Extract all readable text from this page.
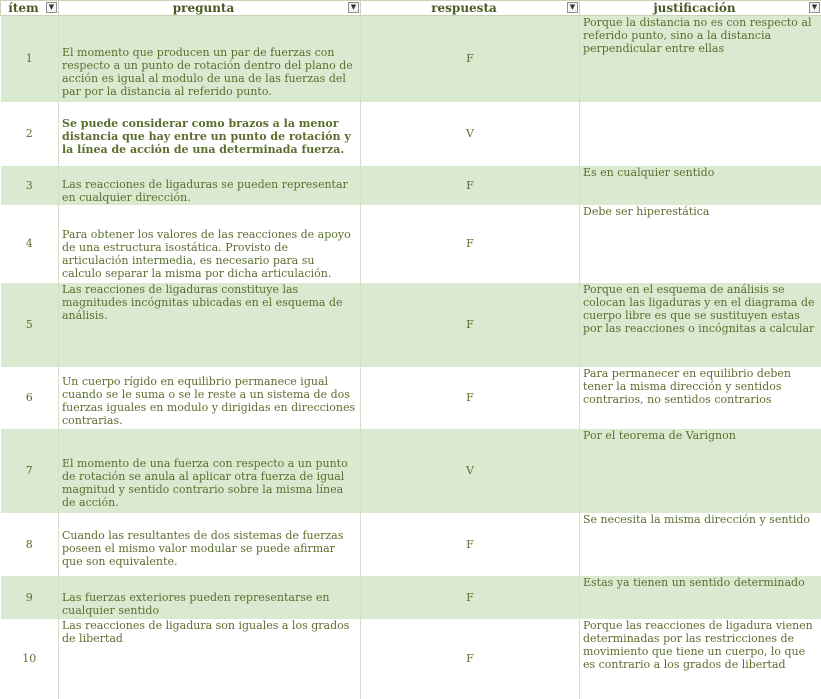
ítem ▼	pregunta ▼	respuesta ▼	justificación ▼

1	El momento que producen un par de fuerzas con respecto a un punto de rotación dentro del plano de acción es igual al modulo de una de las fuerzas del par por la distancia al referido punto.	F	Porque la distancia no es con respecto al referido punto, sino a la distancia perpendicular entre ellas
2	Se puede considerar como brazos a la menor distancia que hay entre un punto de rotación y la línea de acción de una determinada fuerza.	V	
3	Las reacciones de ligaduras se pueden representar en cualquier dirección.	F	Es en cualquier sentido
4	Para obtener los valores de las reacciones de apoyo de una estructura isostática. Provisto de articulación intermedia, es necesario para su calculo separar la misma por dicha articulación.	F	Debe ser hiperestática
5	Las reacciones de ligaduras constituye las magnitudes incógnitas ubicadas en el esquema de análisis.	F	Porque en el esquema de análisis se colocan las ligaduras y en el diagrama de cuerpo libre es que se sustituyen estas por las reacciones o incógnitas a calcular
6	Un cuerpo rígido en equilibrio permanece igual cuando se le suma o se le reste a un sistema de dos fuerzas iguales en modulo y dirigidas en direcciones contrarias.	F	Para permanecer en equilibrio deben tener la misma dirección y sentidos contrarios, no sentidos contrarios
7	El momento de una fuerza con respecto a un punto de rotación se anula al aplicar otra fuerza de igual magnitud y sentido contrario sobre la misma línea de acción.	V	Por el teorema de Varignon
8	Cuando las resultantes de dos sistemas de fuerzas poseen el mismo valor modular se puede afirmar que son equivalente.	F	Se necesita la misma dirección y sentido
9	Las fuerzas exteriores pueden representarse en cualquier sentido	F	Estas ya tienen un sentido determinado
10	Las reacciones de ligadura son iguales a los grados de libertad	F	Porque las reacciones de ligadura vienen determinadas por las restricciones de movimiento que tiene un cuerpo, lo que es contrario a los grados de libertad
